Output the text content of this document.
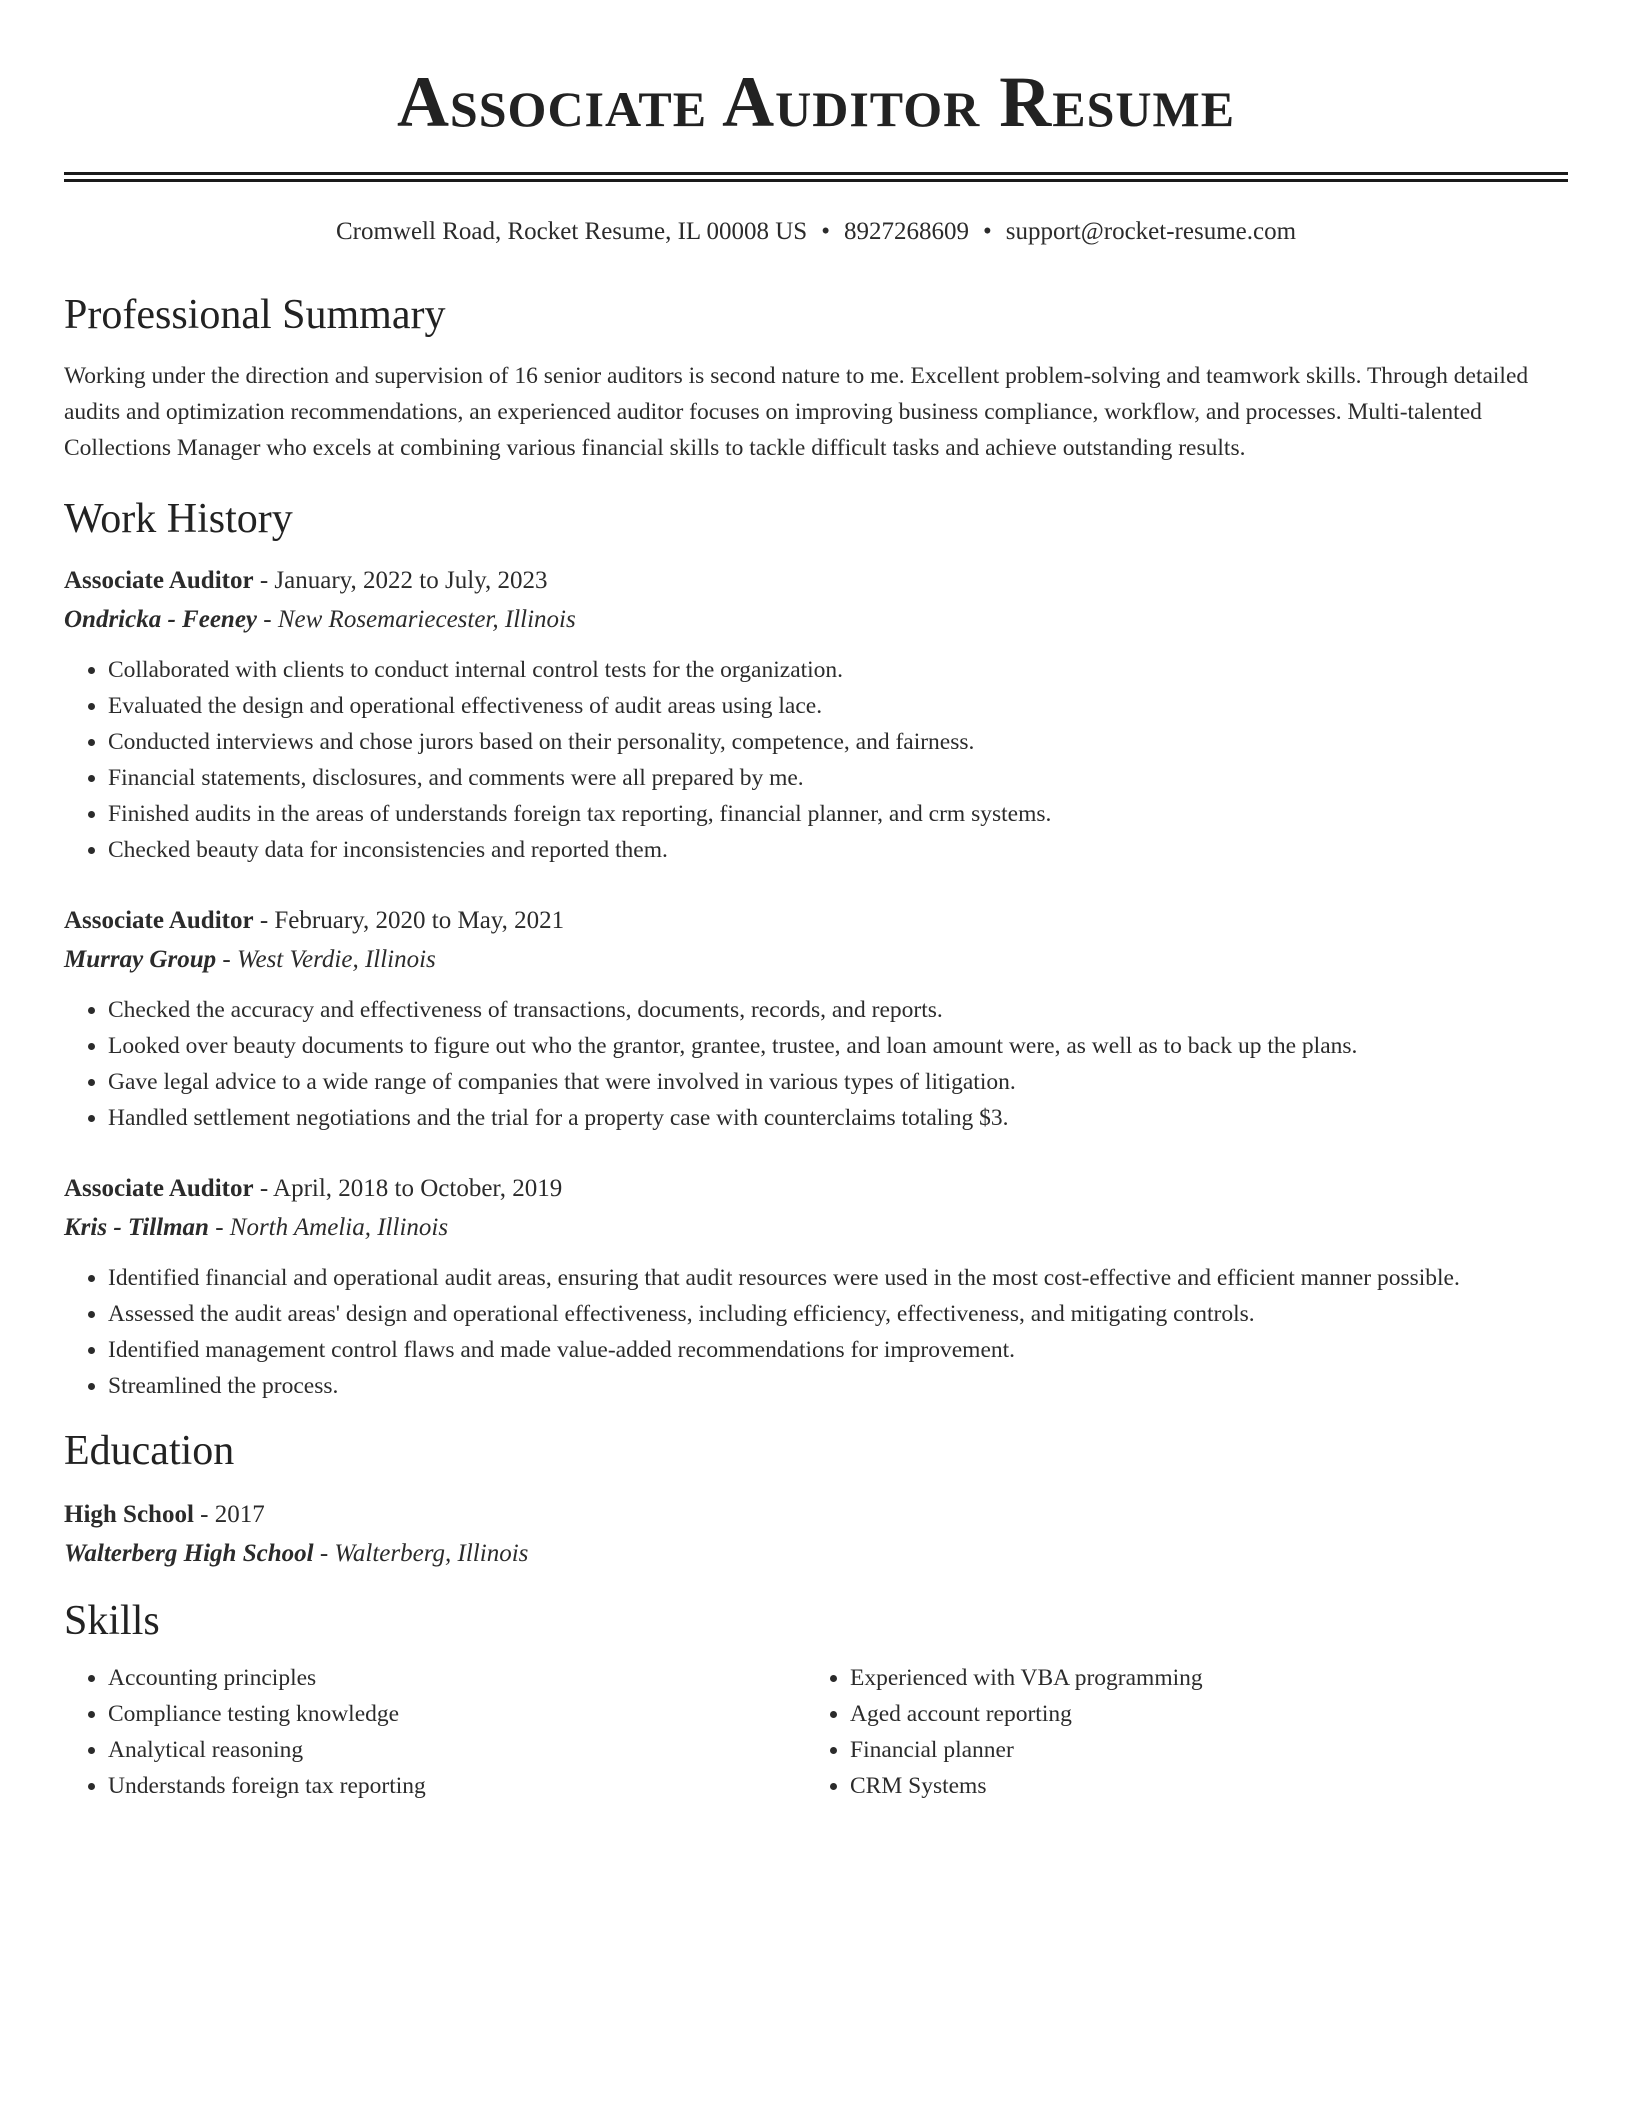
Associate Auditor Resume
Cromwell Road, Rocket Resume, IL 00008 US • 8927268609 • support@rocket-resume.com
Professional Summary
Working under the direction and supervision of 16 senior auditors is second nature to me. Excellent problem-solving and teamwork skills. Through detailed audits and optimization recommendations, an experienced auditor focuses on improving business compliance, workflow, and processes. Multi-talented Collections Manager who excels at combining various financial skills to tackle difficult tasks and achieve outstanding results.
Work History
Associate Auditor - January, 2022 to July, 2023
Ondricka - Feeney - New Rosemariecester, Illinois
• Collaborated with clients to conduct internal control tests for the organization.
• Evaluated the design and operational effectiveness of audit areas using lace.
• Conducted interviews and chose jurors based on their personality, competence, and fairness.
• Financial statements, disclosures, and comments were all prepared by me.
• Finished audits in the areas of understands foreign tax reporting, financial planner, and crm systems.
• Checked beauty data for inconsistencies and reported them.
Associate Auditor - February, 2020 to May, 2021
Murray Group - West Verdie, Illinois
• Checked the accuracy and effectiveness of transactions, documents, records, and reports.
• Looked over beauty documents to figure out who the grantor, grantee, trustee, and loan amount were, as well as to back up the plans.
• Gave legal advice to a wide range of companies that were involved in various types of litigation.
• Handled settlement negotiations and the trial for a property case with counterclaims totaling $3.
Associate Auditor - April, 2018 to October, 2019
Kris - Tillman - North Amelia, Illinois
• Identified financial and operational audit areas, ensuring that audit resources were used in the most cost-effective and efficient manner possible.
• Assessed the audit areas' design and operational effectiveness, including efficiency, effectiveness, and mitigating controls.
• Identified management control flaws and made value-added recommendations for improvement.
• Streamlined the process.
Education
High School - 2017
Walterberg High School - Walterberg, Illinois
Skills
• Accounting principles
• Compliance testing knowledge
• Analytical reasoning
• Understands foreign tax reporting
• Experienced with VBA programming
• Aged account reporting
• Financial planner
• CRM Systems
